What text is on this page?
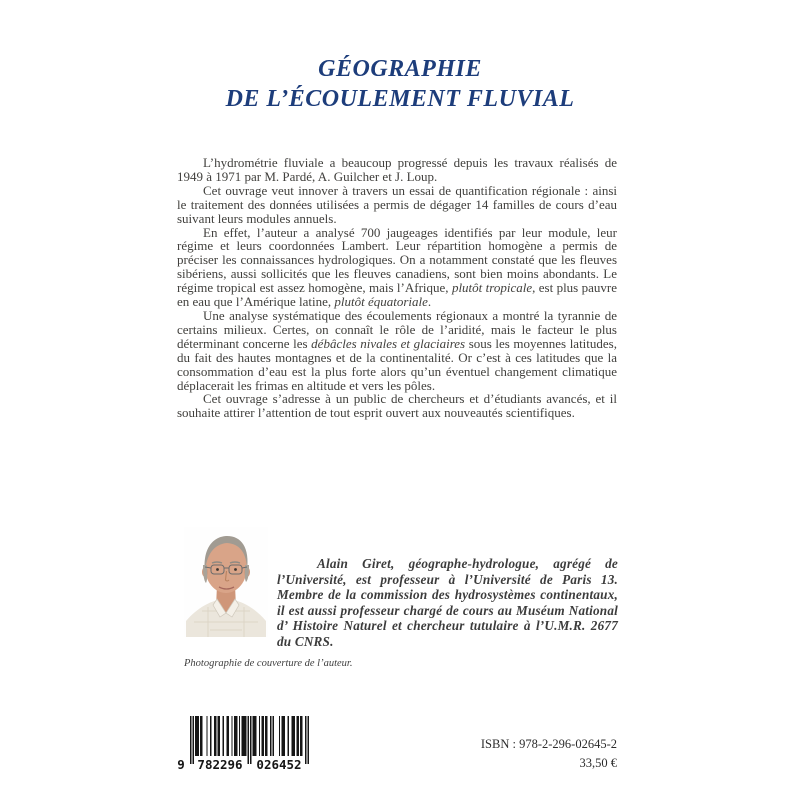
GÉOGRAPHIE
DE L’ÉCOULEMENT FLUVIAL

L’hydrométrie fluviale a beaucoup progressé depuis les travaux réalisés de 1949 à 1971 par M. Pardé, A. Guilcher et J. Loup.

Cet ouvrage veut innover à travers un essai de quantification régionale : ainsi le traitement des données utilisées a permis de dégager 14 familles de cours d’eau suivant leurs modules annuels.

En effet, l’auteur a analysé 700 jaugeages identifiés par leur module, leur régime et leurs coordonnées Lambert. Leur répartition homogène a permis de préciser les connaissances hydrologiques. On a notamment constaté que les fleuves sibériens, aussi sollicités que les fleuves canadiens, sont bien moins abondants. Le régime tropical est assez homogène, mais l’Afrique, plutôt tropicale, est plus pauvre en eau que l’Amérique latine, plutôt équatoriale.

Une analyse systématique des écoulements régionaux a montré la tyrannie de certains milieux. Certes, on connaît le rôle de l’aridité, mais le facteur le plus déterminant concerne les débâcles nivales et glaciaires sous les moyennes latitudes, du fait des hautes montagnes et de la continentalité. Or c’est à ces latitudes que la consommation d’eau est la plus forte alors qu’un éventuel changement climatique déplacerait les frimas en altitude et vers les pôles.

Cet ouvrage s’adresse à un public de chercheurs et d’étudiants avancés, et il souhaite attirer l’attention de tout esprit ouvert aux nouveautés scientifiques.

Alain Giret, géographe-hydrologue, agrégé de l’Université, est professeur à l’Université de Paris 13. Membre de la commission des hydrosystèmes continentaux, il est aussi professeur chargé de cours au Muséum National d’ Histoire Naturel et chercheur tutulaire à l’U.M.R. 2677 du CNRS.
Photographie de couverture de l’auteur.
9 782296 026452
ISBN : 978-2-296-02645-2
33,50 €
